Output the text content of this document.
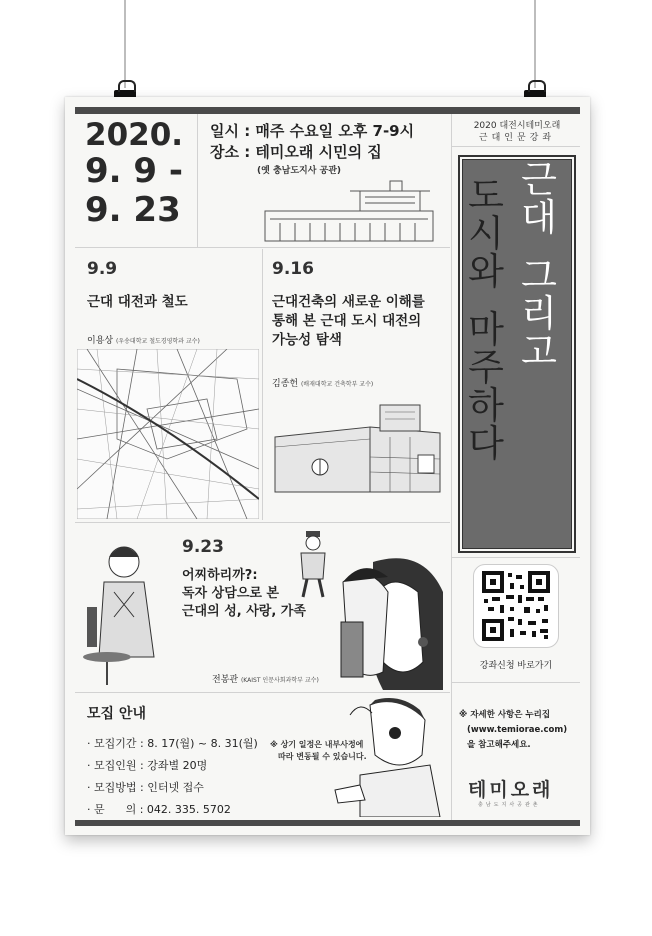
2020 대전시테미오래
근대인문강좌
2020.
9. 9 -
9. 23
일시 : 매주 수요일 오후 7-9시
장소 : 테미오래 시민의 집
(옛 충남도지사 공관)
도
시
와
마
주
하
다
근
대
그
리
고
9.9
근대 대전과 철도
이용상 (우송대학교 철도경영학과 교수)
9.16
근대건축의 새로운 이해를
통해 본 근대 도시 대전의
가능성 탐색
김종헌 (배재대학교 건축학부 교수)
9.23
어찌하리까?:
독자 상담으로 본
근대의 성, 사랑, 가족
전봉관 (KAIST 인문사회과학부 교수)
강좌신청 바로가기
모집 안내
· 모집기간 : 8. 17(월) ~ 8. 31(월)
· 모집인원 : 강좌별 20명
· 모집방법 : 인터넷 접수
· 문      의 : 042. 335. 5702
※ 상기 일정은 내부사정에
따라 변동될 수 있습니다.
※ 자세한 사항은 누리집
(www.temiorae.com)
을 참고해주세요.
테미오래
충남도지사공관촌
